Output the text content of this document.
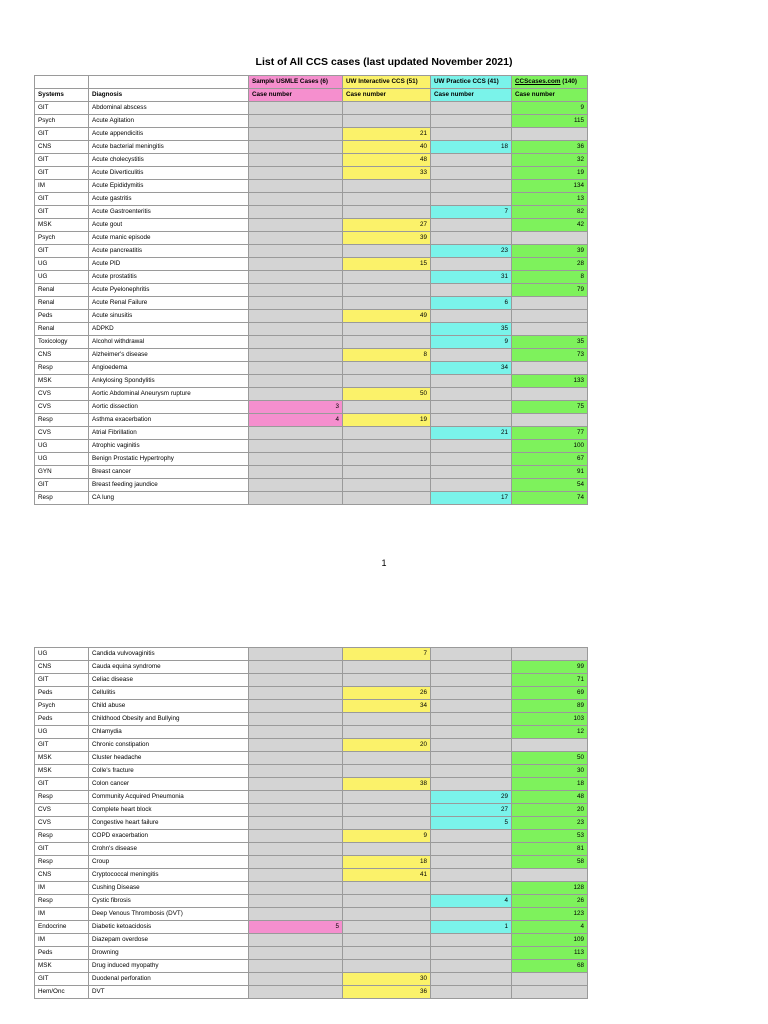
List of All CCS cases (last updated November 2021)
		Sample USMLE Cases (6)	UW Interactive CCS (51)	UW Practice CCS (41)	CCScases.com (140)
Systems	Diagnosis	Case number	Case number	Case number	Case number
GIT	Abdominal abscess				9
Psych	Acute Agitation				115
GIT	Acute appendicitis		21		
CNS	Acute bacterial meningitis		40	18	36
GIT	Acute cholecystitis		48		32
GIT	Acute Diverticulitis		33		19
IM	Acute Epididymitis				134
GIT	Acute gastritis				13
GIT	Acute Gastroenteritis			7	82
MSK	Acute gout		27		42
Psych	Acute manic episode		39		
GIT	Acute pancreatitis			23	39
UG	Acute PID		15		28
UG	Acute prostatitis			31	8
Renal	Acute Pyelonephritis				79
Renal	Acute Renal Failure			6	
Peds	Acute sinusitis		49		
Renal	ADPKD			35	
Toxicology	Alcohol withdrawal			9	35
CNS	Alzheimer's disease		8		73
Resp	Angioedema			34	
MSK	Ankylosing Spondylitis				133
CVS	Aortic Abdominal Aneurysm rupture		50		
CVS	Aortic dissection	3			75
Resp	Asthma exacerbation	4	19		
CVS	Atrial Fibrillation			21	77
UG	Atrophic vaginitis				100
UG	Benign Prostatic Hypertrophy				67
GYN	Breast cancer				91
GIT	Breast feeding jaundice				54
Resp	CA lung			17	74
1
UG	Candida vulvovaginitis		7		
CNS	Cauda equina syndrome				99
GIT	Celiac disease				71
Peds	Cellulitis		26		69
Psych	Child abuse		34		89
Peds	Childhood Obesity and Bullying				103
UG	Chlamydia				12
GIT	Chronic constipation		20		
MSK	Cluster headache				50
MSK	Colle's fracture				30
GIT	Colon cancer		38		18
Resp	Community Acquired Pneumonia			29	48
CVS	Complete heart block			27	20
CVS	Congestive heart failure			5	23
Resp	COPD exacerbation		9		53
GIT	Crohn's disease				81
Resp	Croup		18		58
CNS	Cryptococcal meningitis		41		
IM	Cushing Disease				128
Resp	Cystic fibrosis			4	26
IM	Deep Venous Thrombosis (DVT)				123
Endocrine	Diabetic ketoacidosis	5		1	4
IM	Diazepam overdose				109
Peds	Drowning				113
MSK	Drug induced myopathy				68
GIT	Duodenal perforation		30		
Hem/Onc	DVT		36		
